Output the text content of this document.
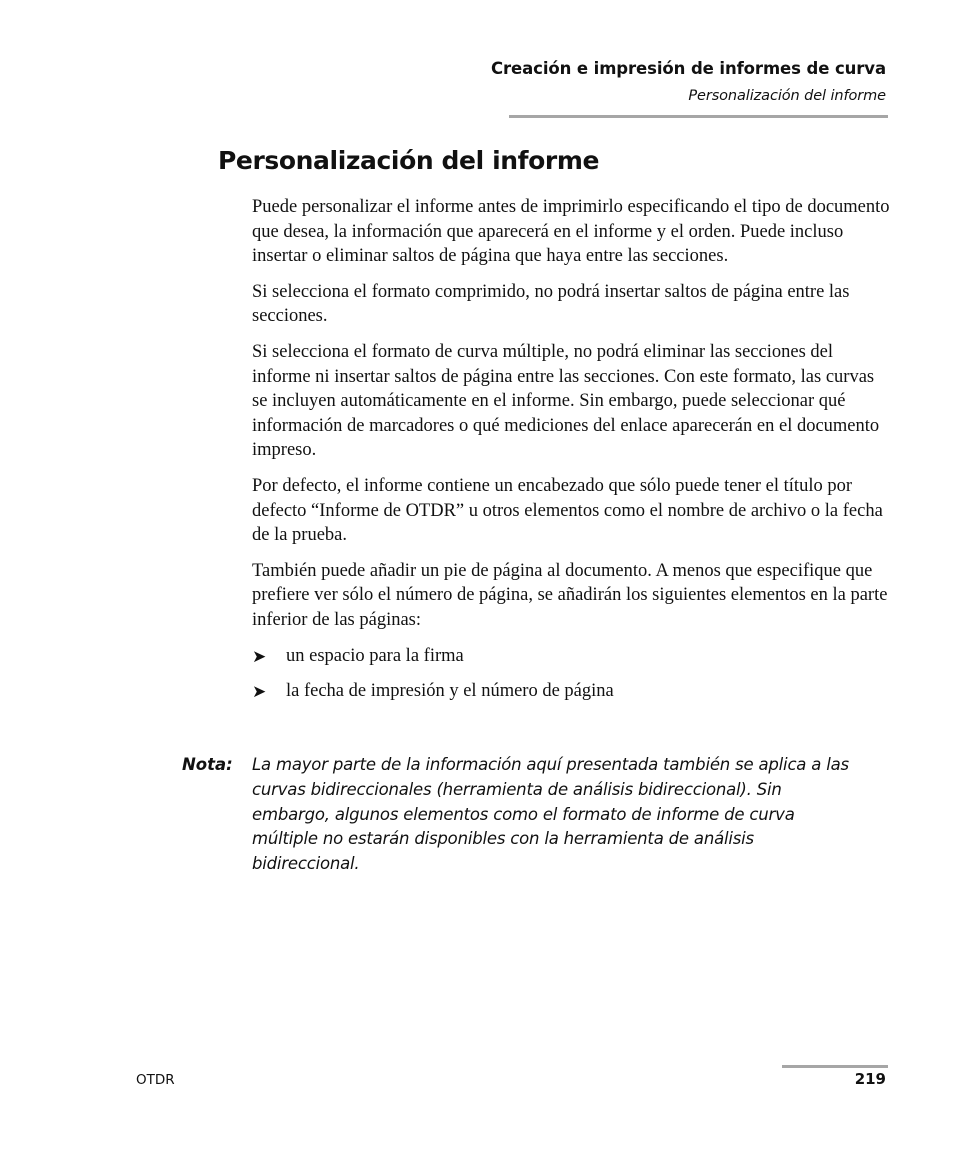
Creación e impresión de informes de curva
Personalización del informe
Personalización del informe

Puede personalizar el informe antes de imprimirlo especificando el tipo de documento que desea, la información que aparecerá en el informe y el orden. Puede incluso insertar o eliminar saltos de página que haya entre las secciones.

Si selecciona el formato comprimido, no podrá insertar saltos de página entre las secciones.

Si selecciona el formato de curva múltiple, no podrá eliminar las secciones del informe ni insertar saltos de página entre las secciones. Con este formato, las curvas se incluyen automáticamente en el informe. Sin embargo, puede seleccionar qué información de marcadores o qué mediciones del enlace aparecerán en el documento impreso.

Por defecto, el informe contiene un encabezado que sólo puede tener el título por defecto “Informe de OTDR” u otros elementos como el nombre de archivo o la fecha de la prueba.

También puede añadir un pie de página al documento. A menos que especifique que prefiere ver sólo el número de página, se añadirán los siguientes elementos en la parte inferior de las páginas:

➤ un espacio para la firma
➤ la fecha de impresión y el número de página
Nota: La mayor parte de la información aquí presentada también se aplica a las curvas bidireccionales (herramienta de análisis bidireccional). Sin embargo, algunos elementos como el formato de informe de curva múltiple no estarán disponibles con la herramienta de análisis bidireccional.

OTDR	219
